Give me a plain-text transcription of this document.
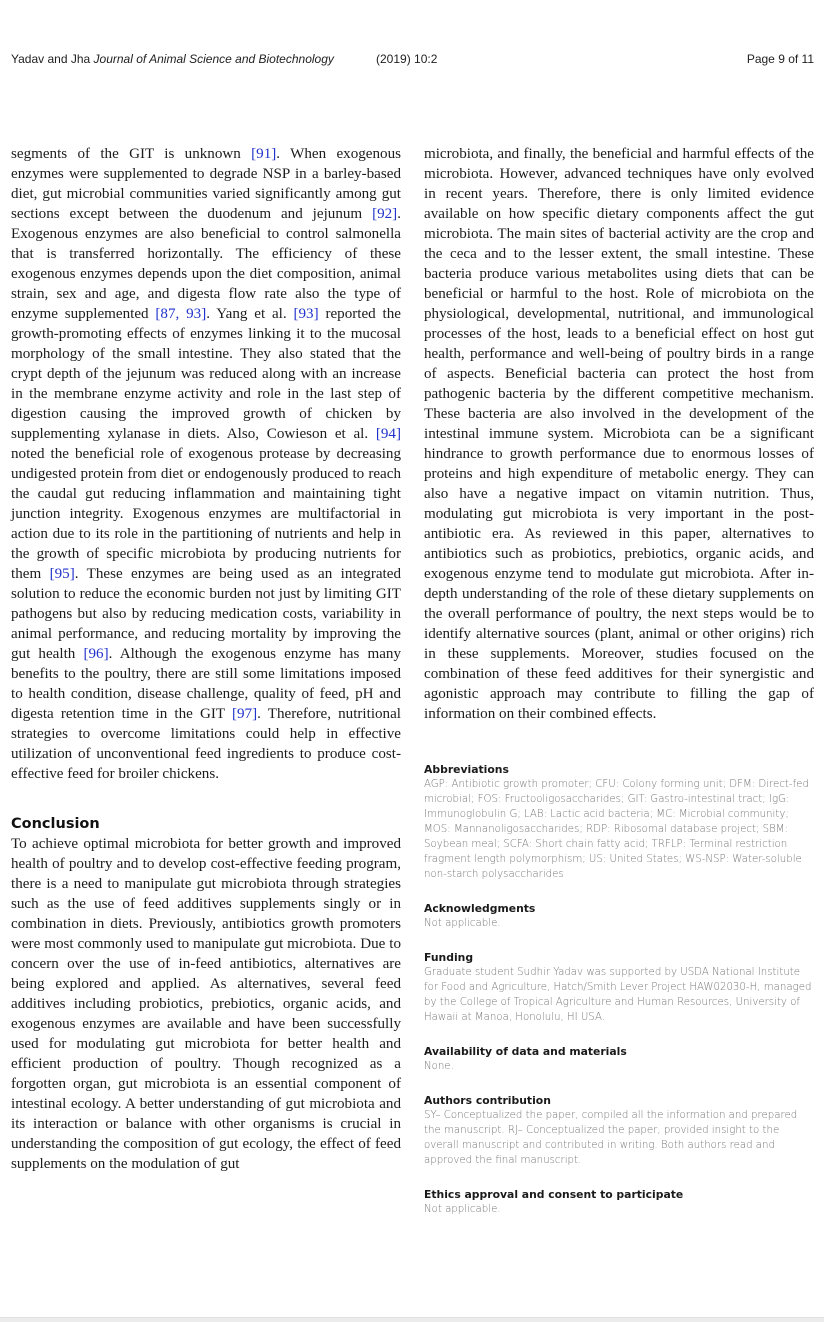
Yadav and Jha Journal of Animal Science and Biotechnology	(2019) 10:2	Page 9 of 11

segments of the GIT is unknown [91]. When exogenous enzymes were supplemented to degrade NSP in a barley-based diet, gut microbial communities varied significantly among gut sections except between the duodenum and jejunum [92]. Exogenous enzymes are also beneficial to control salmonella that is transferred horizontally. The efficiency of these exogenous enzymes depends upon the diet composition, animal strain, sex and age, and digesta flow rate also the type of enzyme supplemented [87, 93]. Yang et al. [93] reported the growth-promoting effects of enzymes linking it to the mucosal morphology of the small intestine. They also stated that the crypt depth of the jejunum was reduced along with an increase in the membrane enzyme activity and role in the last step of digestion causing the improved growth of chicken by supplementing xylanase in diets. Also, Cowieson et al. [94] noted the beneficial role of exogenous protease by decreasing undigested protein from diet or endogenously produced to reach the caudal gut reducing inflammation and maintaining tight junction integrity. Exogenous enzymes are multifactorial in action due to its role in the partitioning of nutrients and help in the growth of specific microbiota by producing nutrients for them [95]. These enzymes are being used as an integrated solution to reduce the economic burden not just by limiting GIT pathogens but also by reducing medication costs, variability in animal performance, and reducing mortality by improving the gut health [96]. Although the exogenous enzyme has many benefits to the poultry, there are still some limitations imposed to health condition, disease challenge, quality of feed, pH and digesta retention time in the GIT [97]. Therefore, nutritional strategies to overcome limitations could help in effective utilization of unconventional feed ingredients to produce cost-effective feed for broiler chickens.

Conclusion

To achieve optimal microbiota for better growth and improved health of poultry and to develop cost-effective feeding program, there is a need to manipulate gut microbiota through strategies such as the use of feed additives supplements singly or in combination in diets. Previously, antibiotics growth promoters were most commonly used to manipulate gut microbiota. Due to concern over the use of in-feed antibiotics, alternatives are being explored and applied. As alternatives, several feed additives including probiotics, prebiotics, organic acids, and exogenous enzymes are available and have been successfully used for modulating gut microbiota for better health and efficient production of poultry. Though recognized as a forgotten organ, gut microbiota is an essential component of intestinal ecology. A better understanding of gut microbiota and its interaction or balance with other organisms is crucial in understanding the composition of gut ecology, the effect of feed supplements on the modulation of gut

microbiota, and finally, the beneficial and harmful effects of the microbiota. However, advanced techniques have only evolved in recent years. Therefore, there is only limited evidence available on how specific dietary components affect the gut microbiota. The main sites of bacterial activity are the crop and the ceca and to the lesser extent, the small intestine. These bacteria produce various metabolites using diets that can be beneficial or harmful to the host. Role of microbiota on the physiological, developmental, nutritional, and immunological processes of the host, leads to a beneficial effect on host gut health, performance and well-being of poultry birds in a range of aspects. Beneficial bacteria can protect the host from pathogenic bacteria by the different competitive mechanism. These bacteria are also involved in the development of the intestinal immune system. Microbiota can be a significant hindrance to growth performance due to enormous losses of proteins and high expenditure of metabolic energy. They can also have a negative impact on vitamin nutrition. Thus, modulating gut microbiota is very important in the post-antibiotic era. As reviewed in this paper, alternatives to antibiotics such as probiotics, prebiotics, organic acids, and exogenous enzyme tend to modulate gut microbiota. After in-depth understanding of the role of these dietary supplements on the overall performance of poultry, the next steps would be to identify alternative sources (plant, animal or other origins) rich in these supplements. Moreover, studies focused on the combination of these feed additives for their synergistic and agonistic approach may contribute to filling the gap of information on their combined effects.

Abbreviations

AGP: Antibiotic growth promoter; CFU: Colony forming unit; DFM: Direct-fed microbial; FOS: Fructooligosaccharides; GIT: Gastro-intestinal tract; IgG: Immunoglobulin G; LAB: Lactic acid bacteria; MC: Microbial community; MOS: Mannanoligosaccharides; RDP: Ribosomal database project; SBM: Soybean meal; SCFA: Short chain fatty acid; TRFLP: Terminal restriction fragment length polymorphism; US: United States; WS-NSP: Water-soluble non-starch polysaccharides

Acknowledgments

Not applicable.

Funding

Graduate student Sudhir Yadav was supported by USDA National Institute for Food and Agriculture, Hatch/Smith Lever Project HAW02030-H, managed by the College of Tropical Agriculture and Human Resources, University of Hawaii at Manoa, Honolulu, HI USA.

Availability of data and materials

None.

Authors contribution

SY– Conceptualized the paper, compiled all the information and prepared the manuscript. RJ– Conceptualized the paper, provided insight to the overall manuscript and contributed in writing. Both authors read and approved the final manuscript.

Ethics approval and consent to participate

Not applicable.
